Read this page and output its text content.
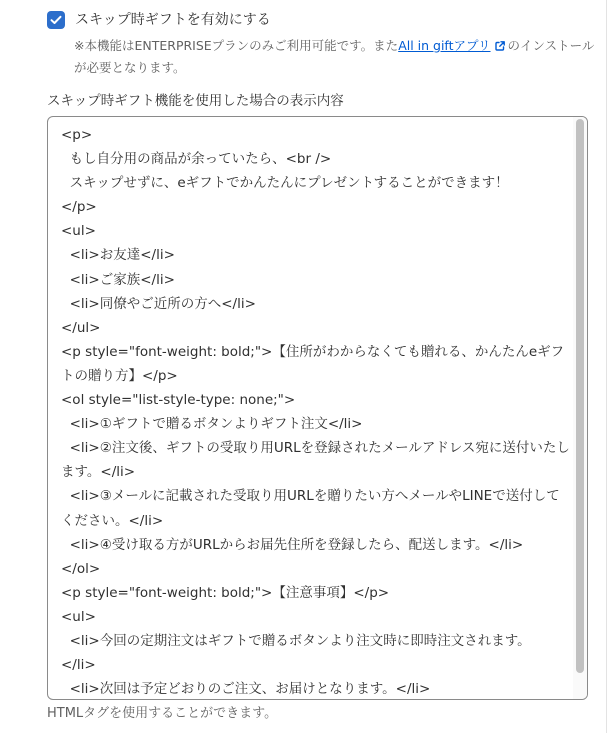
スキップ時ギフトを有効にする
※本機能はENTERPRISEプランのみご利用可能です。またAll in giftアプリ のインストールが必要となります。
スキップ時ギフト機能を使用した場合の表示内容
<p>
もし自分用の商品が余っていたら、<br />
スキップせずに、eギフトでかんたんにプレゼントすることができます！
</p>
<ul>
<li>お友達</li>
<li>ご家族</li>
<li>同僚やご近所の方へ</li>
</ul>
<p style="font-weight: bold;">【住所がわからなくても贈れる、かんたんeギフトの贈り方】</p>
<ol style="list-style-type: none;">
<li>①ギフトで贈るボタンよりギフト注文</li>
<li>②注文後、ギフトの受取り用URLを登録されたメールアドレス宛に送付いたします。</li>
<li>③メールに記載された受取り用URLを贈りたい方へメールやLINEで送付してください。</li>
<li>④受け取る方がURLからお届先住所を登録したら、配送します。</li>
</ol>
<p style="font-weight: bold;">【注意事項】</p>
<ul>
<li>今回の定期注文はギフトで贈るボタンより注文時に即時注文されます。
</li>
<li>次回は予定どおりのご注文、お届けとなります。</li>
HTMLタグを使用することができます。
